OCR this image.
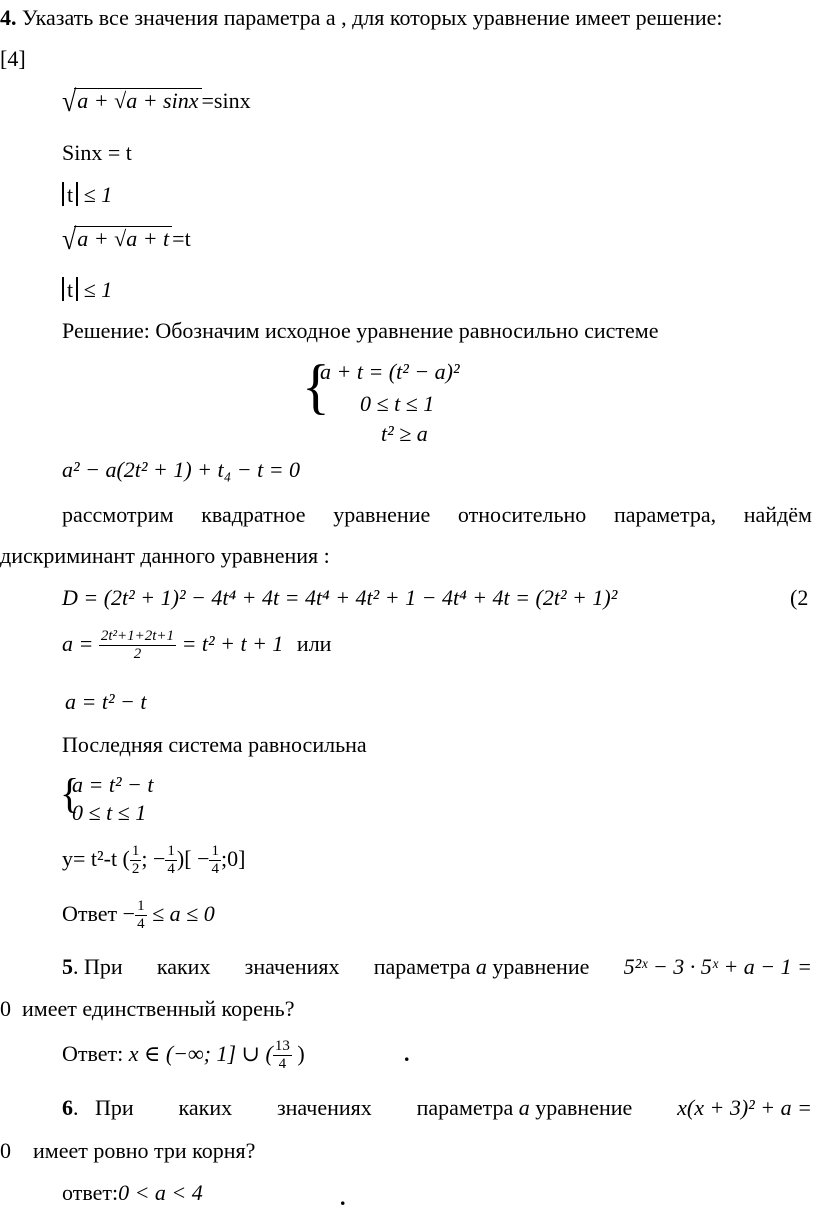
4. Указать все значения параметра а , для которых уравнение имеет решение:
[4]
√a + √a + sinx =sinx
Sinx = t
t ≤ 1
√a + √a + t =t
t ≤ 1
Решение: Обозначим исходное уравнение равносильно системе
{
a + t = (t² − a)²
0 ≤ t ≤ 1
t² ≥ a
a² − a(2t² + 1) + t₄ − t = 0
рассмотрим квадратное уравнение относительно параметра, найдём
дискриминант данного уравнения :
D = (2t² + 1)² − 4t⁴ + 4t = 4t⁴ + 4t² + 1 − 4t⁴ + 4t = (2t² + 1)²	(2
$a = \frac{\text{2t²+1+2t+1}}{2} = t^2 + t + 1$ или
a = t² − t
Последняя система равносильна
{
a = t² − t
0 ≤ t ≤ 1
y= t²-t ( $\frac{1}{2}$ ; − $\frac{1}{4}$ )[ − $\frac{1}{4}$ ;0]
Ответ − $\frac{1}{4} \le a \le 0$
5 . При каких значениях параметра a уравнение 5²ˣ − 3 · 5ˣ + a − 1 =
0 имеет единственный корень?
Ответ: x ∈ (−∞; 1] ∪ ( $\frac{13}{4}$ )	.
6 . При каких значениях параметра a уравнение x(x + 3)² + a =
0 имеет ровно три корня?
ответ:0 < a < 4	.
